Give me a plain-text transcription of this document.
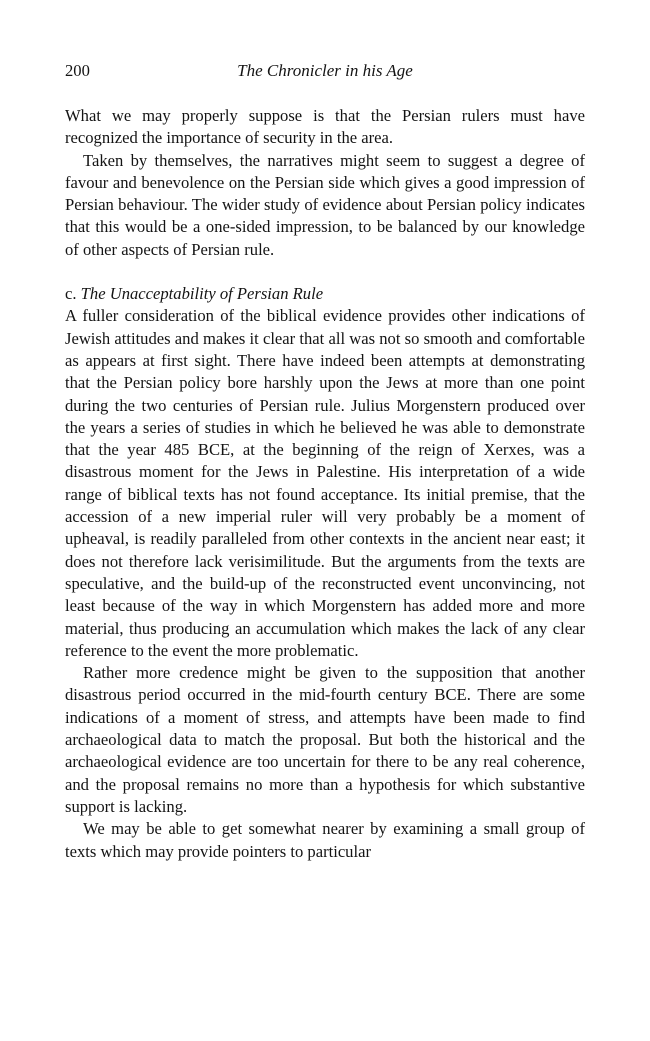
200	The Chronicler in his Age

What we may properly suppose is that the Persian rulers must have recognized the importance of security in the area.

Taken by themselves, the narratives might seem to suggest a degree of favour and benevolence on the Persian side which gives a good impression of Persian behaviour. The wider study of evidence about Persian policy indicates that this would be a one-sided impression, to be balanced by our knowledge of other aspects of Persian rule.

c. The Unacceptability of Persian Rule

A fuller consideration of the biblical evidence provides other indications of Jewish attitudes and makes it clear that all was not so smooth and comfortable as appears at first sight. There have indeed been attempts at demonstrating that the Persian policy bore harshly upon the Jews at more than one point during the two centuries of Persian rule. Julius Morgenstern produced over the years a series of studies in which he believed he was able to demonstrate that the year 485 BCE, at the beginning of the reign of Xerxes, was a disastrous moment for the Jews in Palestine. His interpretation of a wide range of biblical texts has not found acceptance. Its initial premise, that the accession of a new imperial ruler will very probably be a moment of upheaval, is readily paralleled from other contexts in the ancient near east; it does not therefore lack verisimilitude. But the arguments from the texts are speculative, and the build-up of the reconstructed event unconvincing, not least because of the way in which Morgenstern has added more and more material, thus producing an accumulation which makes the lack of any clear reference to the event the more problematic.

Rather more credence might be given to the supposition that another disastrous period occurred in the mid-fourth century BCE. There are some indications of a moment of stress, and attempts have been made to find archaeological data to match the proposal. But both the historical and the archaeological evidence are too uncertain for there to be any real coherence, and the proposal remains no more than a hypothesis for which substantive support is lacking.

We may be able to get somewhat nearer by examining a small group of texts which may provide pointers to particular
